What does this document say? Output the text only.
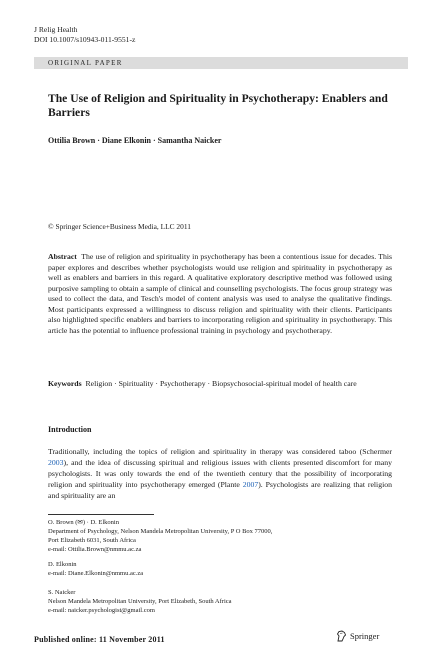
J Relig Health
DOI 10.1007/s10943-011-9551-z
ORIGINAL PAPER
The Use of Religion and Spirituality in Psychotherapy: Enablers and Barriers
Ottilia Brown · Diane Elkonin · Samantha Naicker
© Springer Science+Business Media, LLC 2011
Abstract The use of religion and spirituality in psychotherapy has been a contentious issue for decades. This paper explores and describes whether psychologists would use religion and spirituality in psychotherapy as well as enablers and barriers in this regard. A qualitative exploratory descriptive method was followed using purposive sampling to obtain a sample of clinical and counselling psychologists. The focus group strategy was used to collect the data, and Tesch's model of content analysis was used to analyse the qualitative findings. Most participants expressed a willingness to discuss religion and spirituality with their clients. Participants also highlighted specific enablers and barriers to incorporating religion and spirituality in psychotherapy. This article has the potential to influence professional training in psychology and psychotherapy.
Keywords Religion · Spirituality · Psychotherapy · Biopsychosocial-spiritual model of health care
Introduction
Traditionally, including the topics of religion and spirituality in therapy was considered taboo (Schermer 2003), and the idea of discussing spiritual and religious issues with clients presented discomfort for many psychologists. It was only towards the end of the twentieth century that the possibility of incorporating religion and spirituality into psychotherapy emerged (Plante 2007). Psychologists are realizing that religion and spirituality are an
O. Brown (✉) · D. Elkonin
Department of Psychology, Nelson Mandela Metropolitan University, P O Box 77000,
Port Elizabeth 6031, South Africa
e-mail: Ottilia.Brown@nmmu.ac.za
D. Elkonin
e-mail: Diane.Elkonin@nmmu.ac.za
S. Naicker
Nelson Mandela Metropolitan University, Port Elizabeth, South Africa
e-mail: naicker.psychologist@gmail.com
Published online: 11 November 2011	Springer
